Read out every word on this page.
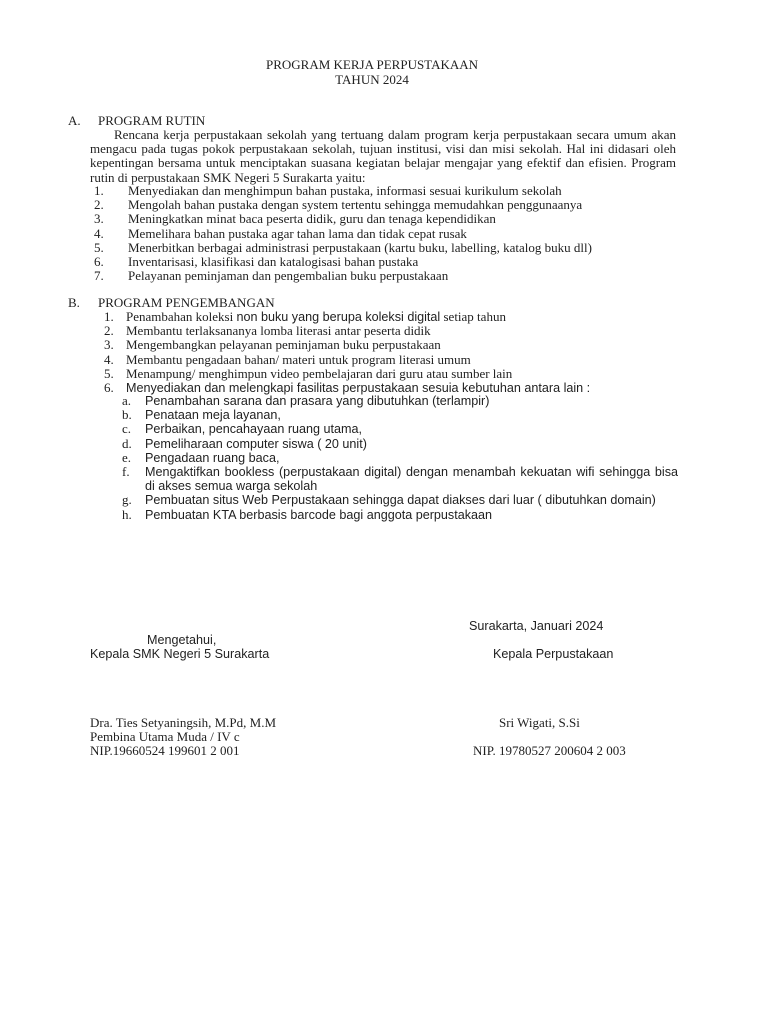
PROGRAM KERJA PERPUSTAKAAN
TAHUN 2024
A. PROGRAM RUTIN
Rencana kerja perpustakaan sekolah yang tertuang dalam program kerja perpustakaan secara umum akan mengacu pada tugas pokok perpustakaan sekolah, tujuan institusi, visi dan misi sekolah. Hal ini didasari oleh kepentingan bersama untuk menciptakan suasana kegiatan belajar mengajar yang efektif dan efisien. Program rutin di perpustakaan SMK Negeri 5 Surakarta yaitu:
1. Menyediakan dan menghimpun bahan pustaka, informasi sesuai kurikulum sekolah
2. Mengolah bahan pustaka dengan system tertentu sehingga memudahkan penggunaanya
3. Meningkatkan minat baca peserta didik, guru dan tenaga kependidikan
4. Memelihara bahan pustaka agar tahan lama dan tidak cepat rusak
5. Menerbitkan berbagai administrasi perpustakaan (kartu buku, labelling, katalog buku dll)
6. Inventarisasi, klasifikasi dan katalogisasi bahan pustaka
7. Pelayanan peminjaman dan pengembalian buku perpustakaan
B. PROGRAM PENGEMBANGAN
1. Penambahan koleksi non buku yang berupa koleksi digital setiap tahun
2. Membantu terlaksananya lomba literasi antar peserta didik
3. Mengembangkan pelayanan peminjaman buku perpustakaan
4. Membantu pengadaan bahan/ materi untuk program literasi umum
5. Menampung/ menghimpun video pembelajaran dari guru atau sumber lain
6. Menyediakan dan melengkapi fasilitas perpustakaan sesuia kebutuhan antara lain :
a. Penambahan sarana dan prasara yang dibutuhkan (terlampir)
b. Penataan meja layanan,
c. Perbaikan, pencahayaan ruang utama,
d. Pemeliharaan computer siswa ( 20 unit)
e. Pengadaan ruang baca,
f. Mengaktifkan bookless (perpustakaan digital) dengan menambah kekuatan wifi sehingga bisa di akses semua warga sekolah
g. Pembuatan situs Web Perpustakaan sehingga dapat diakses dari luar ( dibutuhkan domain)
h. Pembuatan KTA berbasis barcode bagi anggota perpustakaan
Surakarta, Januari 2024
Mengetahui,
Kepala SMK Negeri 5 Surakarta	Kepala Perpustakaan
Dra. Ties Setyaningsih, M.Pd, M.M
Pembina Utama Muda / IV c
NIP.19660524 199601 2 001
Sri Wigati, S.Si
NIP. 19780527 200604 2 003
